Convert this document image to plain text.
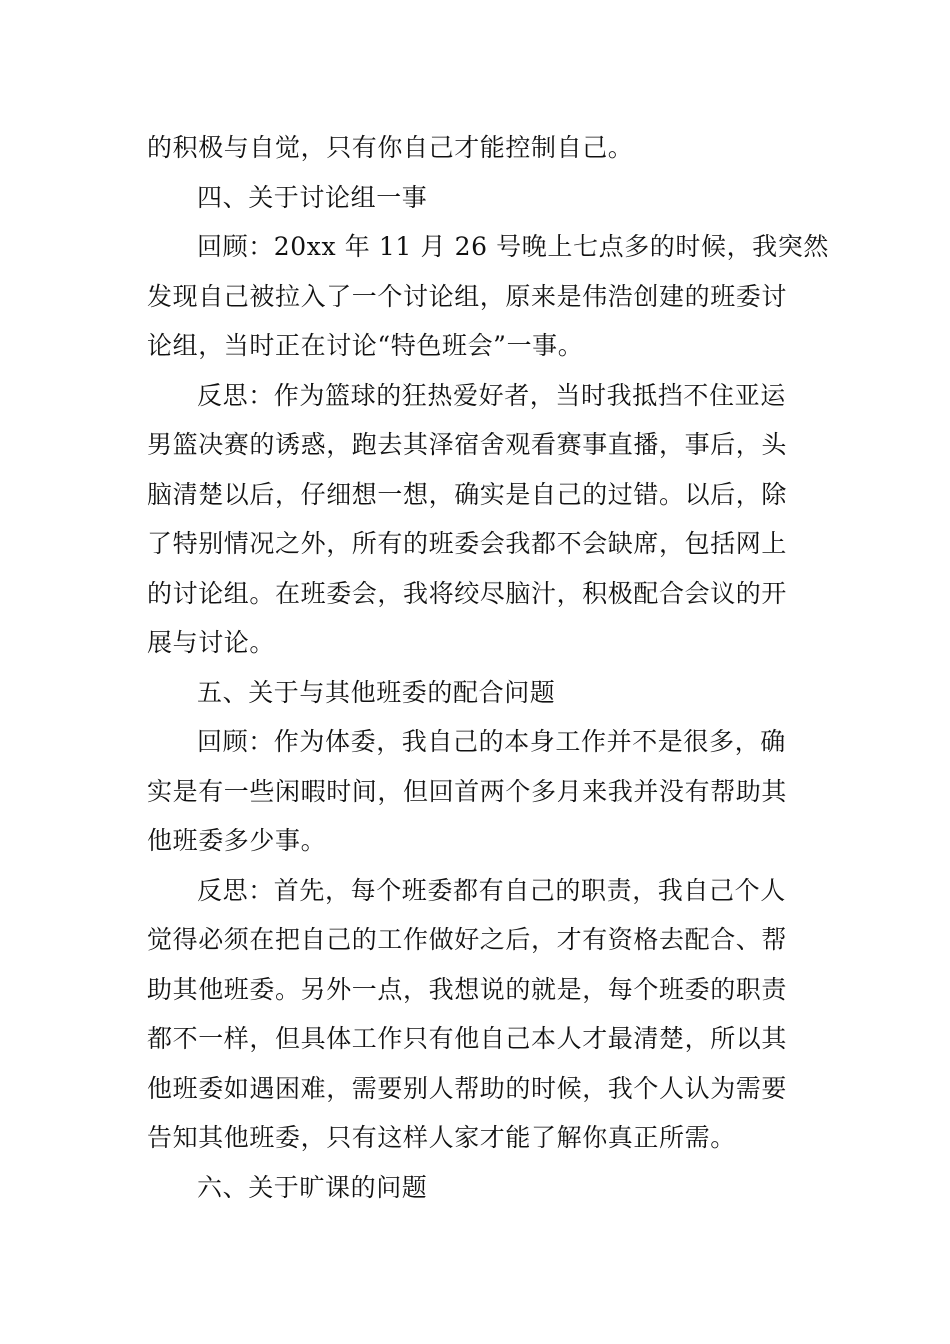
的积极与自觉，只有你自己才能控制自己。
四、关于讨论组一事
回顾：20xx 年 11 月 26 号晚上七点多的时候，我突然
发现自己被拉入了一个讨论组，原来是伟浩创建的班委讨
论组，当时正在讨论“特色班会”一事。
反思：作为篮球的狂热爱好者，当时我抵挡不住亚运
男篮决赛的诱惑，跑去其泽宿舍观看赛事直播，事后，头
脑清楚以后，仔细想一想，确实是自己的过错。以后，除
了特别情况之外，所有的班委会我都不会缺席，包括网上
的讨论组。在班委会，我将绞尽脑汁，积极配合会议的开
展与讨论。
五、关于与其他班委的配合问题
回顾：作为体委，我自己的本身工作并不是很多，确
实是有一些闲暇时间，但回首两个多月来我并没有帮助其
他班委多少事。
反思：首先，每个班委都有自己的职责，我自己个人
觉得必须在把自己的工作做好之后，才有资格去配合、帮
助其他班委。另外一点，我想说的就是，每个班委的职责
都不一样，但具体工作只有他自己本人才最清楚，所以其
他班委如遇困难，需要别人帮助的时候，我个人认为需要
告知其他班委，只有这样人家才能了解你真正所需。
六、关于旷课的问题
